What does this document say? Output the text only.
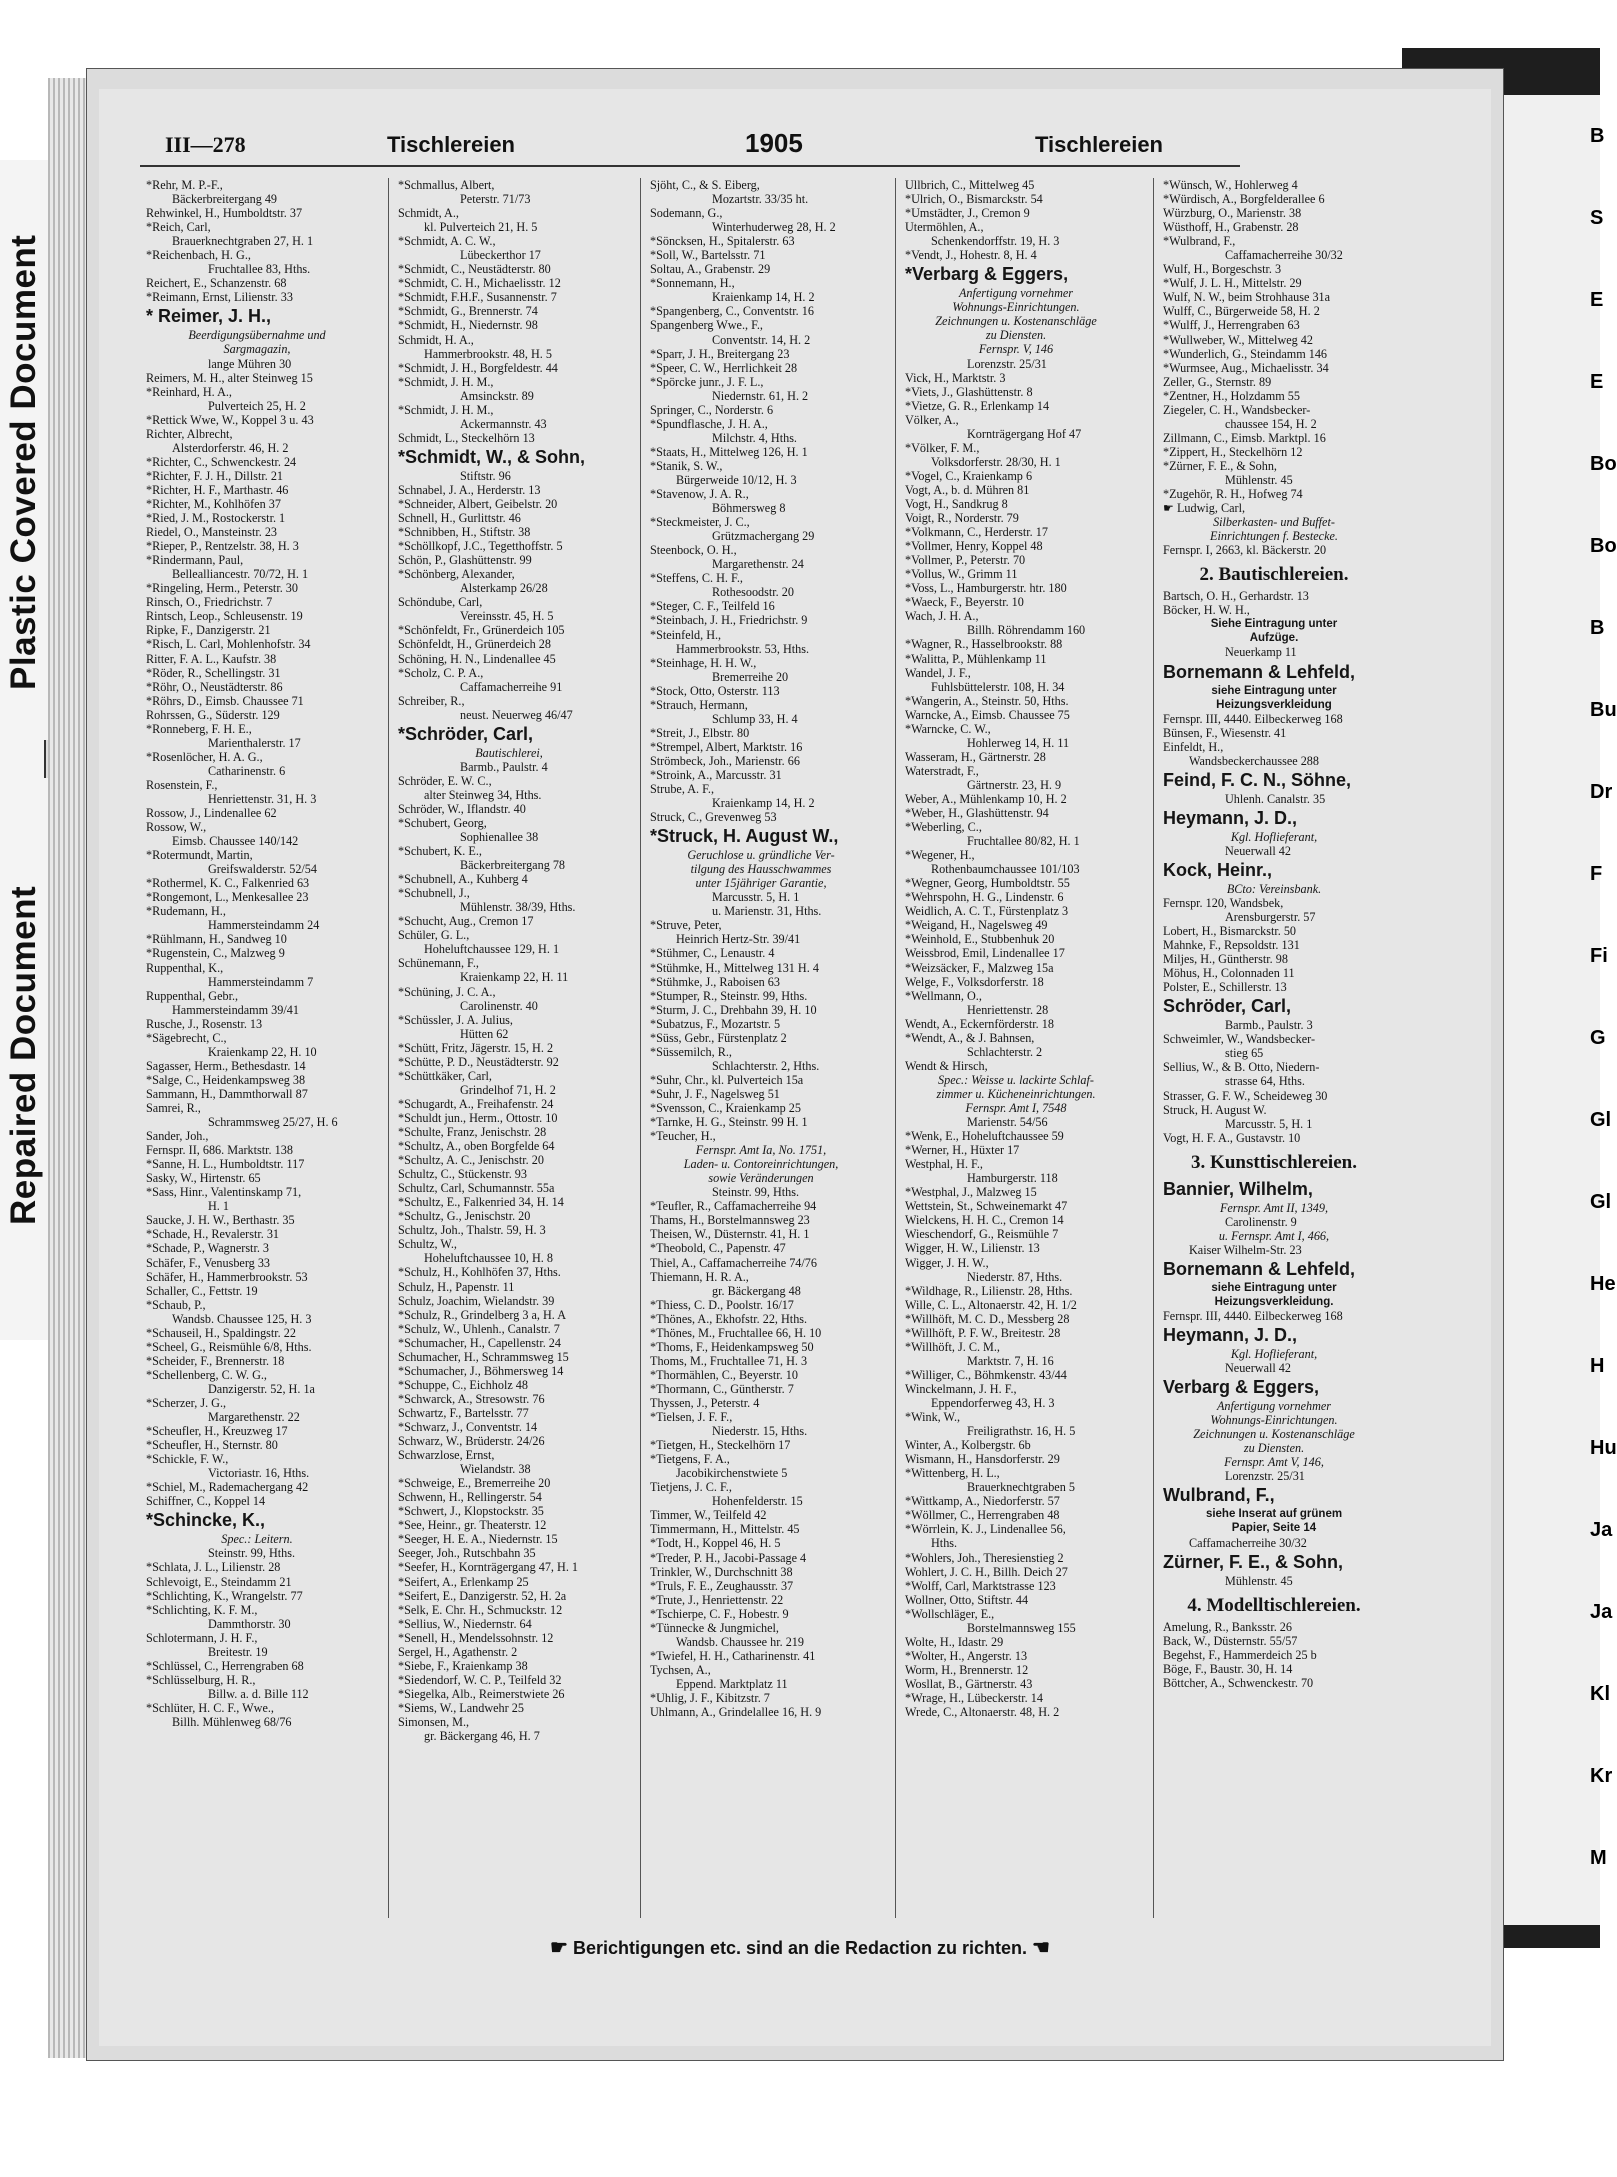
Plastic Covered Document
Repaired Document
B
S
E
E
Bo
Bo
B
Bu
Dr
F
Fi
G
Gl
Gl
He
H
Hu
Ja
Ja
Kl
Kr
M
III—278	Tischlereien	1905	Tischlereien
*Rehr, M. P.-F.,
Bäckerbreitergang 49
Rehwinkel, H., Humboldtstr. 37
*Reich, Carl,
Brauerknechtgraben 27, H. 1
*Reichenbach, H. G.,
Fruchtallee 83, Hths.
Reichert, E., Schanzenstr. 68
*Reimann, Ernst, Lilienstr. 33
* Reimer, J. H.,
Beerdigungsübernahme und
Sargmagazin,
lange Mühren 30
Reimers, M. H., alter Steinweg 15
*Reinhard, H. A.,
Pulverteich 25, H. 2
*Rettick Wwe, W., Koppel 3 u. 43
Richter, Albrecht,
Alsterdorferstr. 46, H. 2
*Richter, C., Schwenckestr. 24
*Richter, F. J. H., Dillstr. 21
*Richter, H. F., Marthastr. 46
*Richter, M., Kohlhöfen 37
*Ried, J. M., Rostockerstr. 1
Riedel, O., Mansteinstr. 23
*Rieper, P., Rentzelstr. 38, H. 3
*Rindermann, Paul,
Bellealliancestr. 70/72, H. 1
*Ringeling, Herm., Peterstr. 30
Rinsch, O., Friedrichstr. 7
Rintsch, Leop., Schleusenstr. 19
Ripke, F., Danzigerstr. 21
*Risch, L. Carl, Mohlenhofstr. 34
Ritter, F. A. L., Kaufstr. 38
*Röder, R., Schellingstr. 31
*Röhr, O., Neustädterstr. 86
*Röhrs, D., Eimsb. Chaussee 71
Rohrssen, G., Süderstr. 129
*Ronneberg, F. H. E.,
Marienthalerstr. 17
*Rosenlöcher, H. A. G.,
Catharinenstr. 6
Rosenstein, F.,
Henriettenstr. 31, H. 3
Rossow, J., Lindenallee 62
Rossow, W.,
Eimsb. Chaussee 140/142
*Rotermundt, Martin,
Greifswalderstr. 52/54
*Rothermel, K. C., Falkenried 63
*Rongemont, L., Menkesallee 23
*Rudemann, H.,
Hammersteindamm 24
*Rühlmann, H., Sandweg 10
*Rugenstein, C., Malzweg 9
Ruppenthal, K.,
Hammersteindamm 7
Ruppenthal, Gebr.,
Hammersteindamm 39/41
Rusche, J., Rosenstr. 13
*Sägebrecht, C.,
Kraienkamp 22, H. 10
Sagasser, Herm., Bethesdastr. 14
*Salge, C., Heidenkampsweg 38
Sammann, H., Dammthorwall 87
Samrei, R.,
Schrammsweg 25/27, H. 6
Sander, Joh.,
Fernspr. II, 686. Marktstr. 138
*Sanne, H. L., Humboldtstr. 117
Sasky, W., Hirtenstr. 65
*Sass, Hinr., Valentinskamp 71,
H. 1
Saucke, J. H. W., Berthastr. 35
*Schade, H., Revalerstr. 31
*Schade, P., Wagnerstr. 3
Schäfer, F., Venusberg 33
Schäfer, H., Hammerbrookstr. 53
Schaller, C., Fettstr. 19
*Schaub, P.,
Wandsb. Chaussee 125, H. 3
*Schauseil, H., Spaldingstr. 22
*Scheel, G., Reismühle 6/8, Hths.
*Scheider, F., Brennerstr. 18
*Schellenberg, C. W. G.,
Danzigerstr. 52, H. 1a
*Scherzer, J. G.,
Margarethenstr. 22
*Scheufler, H., Kreuzweg 17
*Scheufler, H., Sternstr. 80
*Schickle, F. W.,
Victoriastr. 16, Hths.
*Schiel, M., Rademachergang 42
Schiffner, C., Koppel 14
*Schincke, K.,
Spec.: Leitern.
Steinstr. 99, Hths.
*Schlata, J. L., Lilienstr. 28
Schlevoigt, E., Steindamm 21
*Schlichting, K., Wrangelstr. 77
*Schlichting, K. F. M.,
Dammthorstr. 30
Schlotermann, J. H. F.,
Breitestr. 19
*Schlüssel, C., Herrengraben 68
*Schlüsselburg, H. R.,
Billw. a. d. Bille 112
*Schlüter, H. C. F., Wwe.,
Billh. Mühlenweg 68/76
*Schmallus, Albert,
Peterstr. 71/73
Schmidt, A.,
kl. Pulverteich 21, H. 5
*Schmidt, A. C. W.,
Lübeckerthor 17
*Schmidt, C., Neustädterstr. 80
*Schmidt, C. H., Michaelisstr. 12
*Schmidt, F.H.F., Susannenstr. 7
*Schmidt, G., Brennerstr. 74
*Schmidt, H., Niedernstr. 98
Schmidt, H. A.,
Hammerbrookstr. 48, H. 5
*Schmidt, J. H., Borgfeldestr. 44
*Schmidt, J. H. M.,
Amsinckstr. 89
*Schmidt, J. H. M.,
Ackermannstr. 43
Schmidt, L., Steckelhörn 13
*Schmidt, W., & Sohn,
Stiftstr. 96
Schnabel, J. A., Herderstr. 13
*Schneider, Albert, Geibelstr. 20
Schnell, H., Gurlittstr. 46
*Schnibben, H., Stiftstr. 38
*Schöllkopf, J.C., Tegetthoffstr. 5
Schön, P., Glashüttenstr. 99
*Schönberg, Alexander,
Alsterkamp 26/28
Schöndube, Carl,
Vereinsstr. 45, H. 5
*Schönfeldt, Fr., Grünerdeich 105
Schönfeldt, H., Grünerdeich 28
Schöning, H. N., Lindenallee 45
*Scholz, C. P. A.,
Caffamacherreihe 91
Schreiber, R.,
neust. Neuerweg 46/47
*Schröder, Carl,
Bautischlerei,
Barmb., Paulstr. 4
Schröder, E. W. C.,
alter Steinweg 34, Hths.
Schröder, W., Iflandstr. 40
*Schubert, Georg,
Sophienallee 38
*Schubert, K. E.,
Bäckerbreitergang 78
*Schubnell, A., Kuhberg 4
*Schubnell, J.,
Mühlenstr. 38/39, Hths.
*Schucht, Aug., Cremon 17
Schüler, G. L.,
Hoheluftchaussee 129, H. 1
Schünemann, F.,
Kraienkamp 22, H. 11
*Schüning, J. C. A.,
Carolinenstr. 40
*Schüssler, J. A. Julius,
Hütten 62
*Schütt, Fritz, Jägerstr. 15, H. 2
*Schütte, P. D., Neustädterstr. 92
*Schüttkäker, Carl,
Grindelhof 71, H. 2
*Schugardt, A., Freihafenstr. 24
*Schuldt jun., Herm., Ottostr. 10
*Schulte, Franz, Jenischstr. 28
*Schultz, A., oben Borgfelde 64
*Schultz, A. C., Jenischstr. 20
Schultz, C., Stückenstr. 93
Schultz, Carl, Schumannstr. 55a
*Schultz, E., Falkenried 34, H. 14
*Schultz, G., Jenischstr. 20
Schultz, Joh., Thalstr. 59, H. 3
Schultz, W.,
Hoheluftchaussee 10, H. 8
*Schulz, H., Kohlhöfen 37, Hths.
Schulz, H., Papenstr. 11
Schulz, Joachim, Wielandstr. 39
*Schulz, R., Grindelberg 3 a, H. A
*Schulz, W., Uhlenh., Canalstr. 7
*Schumacher, H., Capellenstr. 24
Schumacher, H., Schrammsweg 15
*Schumacher, J., Böhmersweg 14
*Schuppe, C., Eichholz 48
*Schwarck, A., Stresowstr. 76
Schwartz, F., Bartelsstr. 77
*Schwarz, J., Conventstr. 14
Schwarz, W., Brüderstr. 24/26
Schwarzlose, Ernst,
Wielandstr. 38
*Schweige, E., Bremerreihe 20
Schwenn, H., Rellingerstr. 54
*Schwert, J., Klopstockstr. 35
*See, Heinr., gr. Theaterstr. 12
*Seeger, H. E. A., Niedernstr. 15
Seeger, Joh., Rutschbahn 35
*Seefer, H., Kornträgergang 47, H. 1
*Seifert, A., Erlenkamp 25
*Seifert, E., Danzigerstr. 52, H. 2a
*Selk, E. Chr. H., Schmuckstr. 12
*Sellius, W., Niedernstr. 64
*Senell, H., Mendelssohnstr. 12
Sergel, H., Agathenstr. 2
*Siebe, F., Kraienkamp 38
*Siedendorf, W. C. P., Teilfeld 32
*Siegelka, Alb., Reimerstwiete 26
*Siems, W., Landwehr 25
Simonsen, M.,
gr. Bäckergang 46, H. 7
Sjöht, C., & S. Eiberg,
Mozartstr. 33/35 ht.
Sodemann, G.,
Winterhuderweg 28, H. 2
*Söncksen, H., Spitalerstr. 63
*Soll, W., Bartelsstr. 71
Soltau, A., Grabenstr. 29
*Sonnemann, H.,
Kraienkamp 14, H. 2
*Spangenberg, C., Conventstr. 16
Spangenberg Wwe., F.,
Conventstr. 14, H. 2
*Sparr, J. H., Breitergang 23
*Speer, C. W., Herrlichkeit 28
*Spörcke junr., J. F. L.,
Niedernstr. 61, H. 2
Springer, C., Norderstr. 6
*Spundflasche, J. H. A.,
Milchstr. 4, Hths.
*Staats, H., Mittelweg 126, H. 1
*Stanik, S. W.,
Bürgerweide 10/12, H. 3
*Stavenow, J. A. R.,
Böhmersweg 8
*Steckmeister, J. C.,
Grützmachergang 29
Steenbock, O. H.,
Margarethenstr. 24
*Steffens, C. H. F.,
Rothesoodstr. 20
*Steger, C. F., Teilfeld 16
*Steinbach, J. H., Friedrichstr. 9
*Steinfeld, H.,
Hammerbrookstr. 53, Hths.
*Steinhage, H. H. W.,
Bremerreihe 20
*Stock, Otto, Osterstr. 113
*Strauch, Hermann,
Schlump 33, H. 4
*Streit, J., Elbstr. 80
*Strempel, Albert, Marktstr. 16
Strömbeck, Joh., Marienstr. 66
*Stroink, A., Marcusstr. 31
Strube, A. F.,
Kraienkamp 14, H. 2
Struck, C., Grevenweg 53
*Struck, H. August W.,
Geruchlose u. gründliche Ver-
tilgung des Hausschwammes
unter 15jähriger Garantie,
Marcusstr. 5, H. 1
u. Marienstr. 31, Hths.
*Struve, Peter,
Heinrich Hertz-Str. 39/41
*Stühmer, C., Lenaustr. 4
*Stühmke, H., Mittelweg 131 H. 4
*Stühmke, J., Raboisen 63
*Stumper, R., Steinstr. 99, Hths.
*Sturm, J. C., Drehbahn 39, H. 10
*Subatzus, F., Mozartstr. 5
*Süss, Gebr., Fürstenplatz 2
*Süssemilch, R.,
Schlachterstr. 2, Hths.
*Suhr, Chr., kl. Pulverteich 15a
*Suhr, J. F., Nagelsweg 51
*Svensson, C., Kraienkamp 25
*Tarnke, H. G., Steinstr. 99 H. 1
*Teucher, H.,
Fernspr. Amt Ia, No. 1751,
Laden- u. Contoreinrichtungen,
sowie Veränderungen
Steinstr. 99, Hths.
*Teufler, R., Caffamacherreihe 94
Thams, H., Borstelmannsweg 23
Theisen, W., Düsternstr. 41, H. 1
*Theobold, C., Papenstr. 47
Thiel, A., Caffamacherreihe 74/76
Thiemann, H. R. A.,
gr. Bäckergang 48
*Thiess, C. D., Poolstr. 16/17
*Thönes, A., Ekhofstr. 22, Hths.
*Thönes, M., Fruchtallee 66, H. 10
*Thoms, F., Heidenkampsweg 50
Thoms, M., Fruchtallee 71, H. 3
*Thormählen, C., Beyerstr. 10
*Thormann, C., Güntherstr. 7
Thyssen, J., Peterstr. 4
*Tielsen, J. F. F.,
Niederstr. 15, Hths.
*Tietgen, H., Steckelhörn 17
*Tietgens, F. A.,
Jacobikirchenstwiete 5
Tietjens, J. C. F.,
Hohenfelderstr. 15
Timmer, W., Teilfeld 42
Timmermann, H., Mittelstr. 45
*Todt, H., Koppel 46, H. 5
*Treder, P. H., Jacobi-Passage 4
Trinkler, W., Durchschnitt 38
*Truls, F. E., Zeughausstr. 37
*Trute, J., Henriettenstr. 22
*Tschierpe, C. F., Hobestr. 9
*Tünnecke & Jungmichel,
Wandsb. Chaussee hr. 219
*Twiefel, H. H., Catharinenstr. 41
Tychsen, A.,
Eppend. Marktplatz 11
*Uhlig, J. F., Kibitzstr. 7
Uhlmann, A., Grindelallee 16, H. 9
Ullbrich, C., Mittelweg 45
*Ulrich, O., Bismarckstr. 54
*Umstädter, J., Cremon 9
Utermöhlen, A.,
Schenkendorffstr. 19, H. 3
*Vendt, J., Hohestr. 8, H. 4
*Verbarg & Eggers,
Anfertigung vornehmer
Wohnungs-Einrichtungen.
Zeichnungen u. Kostenanschläge
zu Diensten.
Fernspr. V, 146
Lorenzstr. 25/31
Vick, H., Marktstr. 3
*Viets, J., Glashüttenstr. 8
*Vietze, G. R., Erlenkamp 14
Völker, A.,
Kornträgergang Hof 47
*Völker, F. M.,
Volksdorferstr. 28/30, H. 1
*Vogel, C., Kraienkamp 6
Vogt, A., b. d. Mühren 81
Vogt, H., Sandkrug 8
Voigt, R., Norderstr. 79
*Volkmann, C., Herderstr. 17
*Vollmer, Henry, Koppel 48
*Vollmer, P., Peterstr. 70
*Vollus, W., Grimm 11
*Voss, L., Hamburgerstr. htr. 180
*Waeck, F., Beyerstr. 10
Wach, J. H. A.,
Billh. Röhrendamm 160
*Wagner, R., Hasselbrookstr. 88
*Walitta, P., Mühlenkamp 11
Wandel, J. F.,
Fuhlsbüttelerstr. 108, H. 34
*Wangerin, A., Steinstr. 50, Hths.
Warncke, A., Eimsb. Chaussee 75
*Warncke, C. W.,
Hohlerweg 14, H. 11
Wasseram, H., Gärtnerstr. 28
Waterstradt, F.,
Gärtnerstr. 23, H. 9
Weber, A., Mühlenkamp 10, H. 2
*Weber, H., Glashüttenstr. 94
*Weberling, C.,
Fruchtallee 80/82, H. 1
*Wegener, H.,
Rothenbaumchaussee 101/103
*Wegner, Georg, Humboldtstr. 55
*Wehrspohn, H. G., Lindenstr. 6
Weidlich, A. C. T., Fürstenplatz 3
*Weigand, H., Nagelsweg 49
*Weinhold, E., Stubbenhuk 20
Weissbrod, Emil, Lindenallee 17
*Weizsäcker, F., Malzweg 15a
Welge, F., Volksdorferstr. 18
*Wellmann, O.,
Henriettenstr. 28
Wendt, A., Eckernförderstr. 18
*Wendt, A., & J. Bahnsen,
Schlachterstr. 2
Wendt & Hirsch,
Spec.: Weisse u. lackirte Schlaf-
zimmer u. Kücheneinrichtungen.
Fernspr. Amt I, 7548
Marienstr. 54/56
*Wenk, E., Hoheluftchaussee 59
*Werner, H., Hüxter 17
Westphal, H. F.,
Hamburgerstr. 118
*Westphal, J., Malzweg 15
Wettstein, St., Schweinemarkt 47
Wielckens, H. H. C., Cremon 14
Wieschendorf, G., Reismühle 7
Wigger, H. W., Lilienstr. 13
Wigger, J. H. W.,
Niederstr. 87, Hths.
*Wildhage, R., Lilienstr. 28, Hths.
Wille, C. L., Altonaerstr. 42, H. 1/2
*Willhöft, M. C. D., Messberg 28
*Willhöft, P. F. W., Breitestr. 28
*Willhöft, J. C. M.,
Marktstr. 7, H. 16
*Williger, C., Böhmkenstr. 43/44
Winckelmann, J. H. F.,
Eppendorferweg 43, H. 3
*Wink, W.,
Freiligrathstr. 16, H. 5
Winter, A., Kolbergstr. 6b
Wismann, H., Hansdorferstr. 29
*Wittenberg, H. L.,
Brauerknechtgraben 5
*Wittkamp, A., Niedorferstr. 57
*Wöllmer, C., Herrengraben 48
*Wörrlein, K. J., Lindenallee 56,
Hths.
*Wohlers, Joh., Theresienstieg 2
Wohlert, J. C. H., Billh. Deich 27
*Wolff, Carl, Marktstrasse 123
Wollner, Otto, Stiftstr. 44
*Wollschläger, E.,
Borstelmannsweg 155
Wolte, H., Idastr. 29
*Wolter, H., Angerstr. 13
Worm, H., Brennerstr. 12
Wosllat, B., Gärtnerstr. 43
*Wrage, H., Lübeckerstr. 14
Wrede, C., Altonaerstr. 48, H. 2
*Wünsch, W., Hohlerweg 4
*Würdisch, A., Borgfelderallee 6
Würzburg, O., Marienstr. 38
Wüsthoff, H., Grabenstr. 28
*Wulbrand, F.,
Caffamacherreihe 30/32
Wulf, H., Borgeschstr. 3
*Wulf, J. L. H., Mittelstr. 29
Wulf, N. W., beim Strohhause 31a
Wulff, C., Bürgerweide 58, H. 2
*Wulff, J., Herrengraben 63
*Wullweber, W., Mittelweg 42
*Wunderlich, G., Steindamm 146
*Wurmsee, Aug., Michaelisstr. 34
Zeller, G., Sternstr. 89
*Zentner, H., Holzdamm 55
Ziegeler, C. H., Wandsbecker-
chaussee 154, H. 2
Zillmann, C., Eimsb. Marktpl. 16
*Zippert, H., Steckelhörn 12
*Zürner, F. E., & Sohn,
Mühlenstr. 45
*Zugehör, R. H., Hofweg 74
☛ Ludwig, Carl,
Silberkasten- und Buffet-
Einrichtungen f. Bestecke.
Fernspr. I, 2663, kl. Bäckerstr. 20
2. Bautischlereien.
Bartsch, O. H., Gerhardstr. 13
Böcker, H. W. H.,
Siehe Eintragung unter
Aufzüge.
Neuerkamp 11
Bornemann & Lehfeld,
siehe Eintragung unter
Heizungsverkleidung
Fernspr. III, 4440. Eilbeckerweg 168
Bünsen, F., Wiesenstr. 41
Einfeldt, H.,
Wandsbeckerchaussee 288
Feind, F. C. N., Söhne,
Uhlenh. Canalstr. 35
Heymann, J. D.,
Kgl. Hoflieferant,
Neuerwall 42
Kock, Heinr.,
BCto: Vereinsbank.
Fernspr. 120, Wandsbek,
Arensburgerstr. 57
Lobert, H., Bismarckstr. 50
Mahnke, F., Repsoldstr. 131
Miljes, H., Güntherstr. 98
Möhus, H., Colonnaden 11
Polster, E., Schillerstr. 13
Schröder, Carl,
Barmb., Paulstr. 3
Schweimler, W., Wandsbecker-
stieg 65
Sellius, W., & B. Otto, Niedern-
strasse 64, Hths.
Strasser, G. F. W., Scheideweg 30
Struck, H. August W.
Marcusstr. 5, H. 1
Vogt, H. F. A., Gustavstr. 10
3. Kunsttischlereien.
Bannier, Wilhelm,
Fernspr. Amt II, 1349,
Carolinenstr. 9
u. Fernspr. Amt I, 466,
Kaiser Wilhelm-Str. 23
Bornemann & Lehfeld,
siehe Eintragung unter
Heizungsverkleidung.
Fernspr. III, 4440. Eilbeckerweg 168
Heymann, J. D.,
Kgl. Hoflieferant,
Neuerwall 42
Verbarg & Eggers,
Anfertigung vornehmer
Wohnungs-Einrichtungen.
Zeichnungen u. Kostenanschläge
zu Diensten.
Fernspr. Amt V, 146,
Lorenzstr. 25/31
Wulbrand, F.,
siehe Inserat auf grünem
Papier, Seite 14
Caffamacherreihe 30/32
Zürner, F. E., & Sohn,
Mühlenstr. 45
4. Modelltischlereien.
Amelung, R., Banksstr. 26
Back, W., Düsternstr. 55/57
Begehst, F., Hammerdeich 25 b
Böge, F., Baustr. 30, H. 14
Böttcher, A., Schwenckestr. 70
☛ Berichtigungen etc. sind an die Redaction zu richten. ☚
